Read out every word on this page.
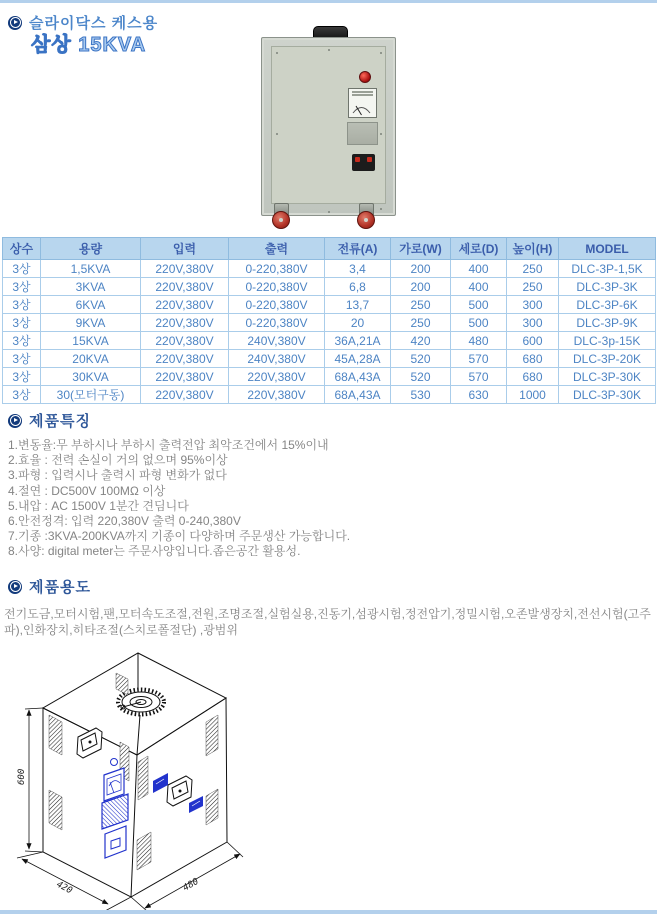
슬라이닥스 케스용
삼상 15KVA
상수	용량	입력	출력	전류(A)	가로(W)	세로(D)	높이(H)	MODEL
3상	1,5KVA	220V,380V	0-220,380V	3,4	200	400	250	DLC-3P-1,5K
3상	3KVA	220V,380V	0-220,380V	6,8	200	400	250	DLC-3P-3K
3상	6KVA	220V,380V	0-220,380V	13,7	250	500	300	DLC-3P-6K
3상	9KVA	220V,380V	0-220,380V	20	250	500	300	DLC-3P-9K
3상	15KVA	220V,380V	240V,380V	36A,21A	420	480	600	DLC-3p-15K
3상	20KVA	220V,380V	240V,380V	45A,28A	520	570	680	DLC-3P-20K
3상	30KVA	220V,380V	220V,380V	68A,43A	520	570	680	DLC-3P-30K
3상	30(모터구동)	220V,380V	220V,380V	68A,43A	530	630	1000	DLC-3P-30K
제품특징
1.변동율:무 부하시나 부하시 출력전압 최악조건에서 15%이내
2.효율 : 전력 손실이 거의 없으며 95%이상
3.파형 : 입력시나 출력시 파형 변화가 없다
4.절연 : DC500V 100MΩ 이상
5.내압 : AC 1500V 1분간 견딤니다
6.안전정격: 입력 220,380V 출력 0-240,380V
7.기종 :3KVA-200KVA까지 기종이 다양하며 주문생산 가능합니다.
8.사양: digital meter는 주문사양입니다.좁은공간 활용성.
제품용도
전기도금,모터시험,팬,모터속도조절,전원,조명조절,실험실용,진동기,섬광시험,정전압기,정밀시험,오존발생장치,전선시험(고주파),인화장치,히타조절(스치로폴절단) ,광범위
600
420	480
